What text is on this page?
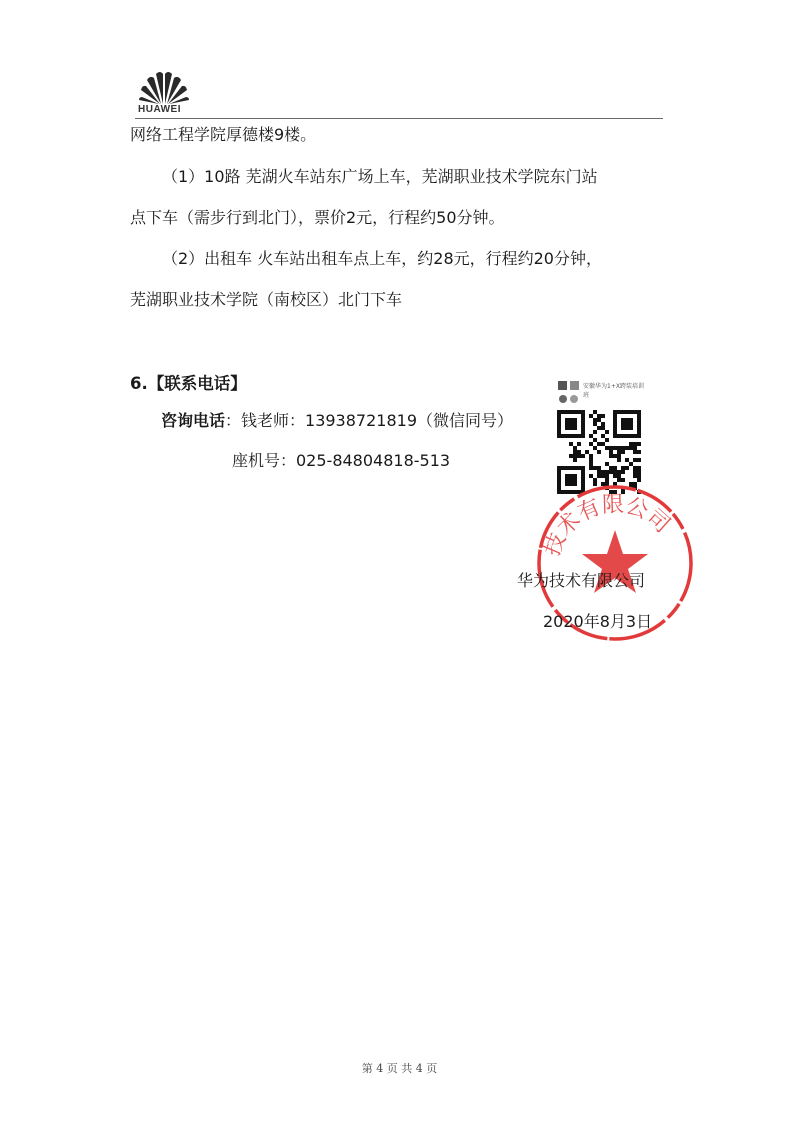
HUAWEI
网络工程学院厚德楼9楼。
（1）10路 芜湖火车站东广场上车，芜湖职业技术学院东门站
点下车（需步行到北门），票价2元，行程约50分钟。
（2）出租车 火车站出租车点上车，约28元，行程约20分钟，
芜湖职业技术学院（南校区）北门下车
6.【联系电话】
咨询电话：钱老师：13938721819（微信同号）
座机号：025-84804818-513
安徽华为1+X跨装培训班
技术有限公司
华为技术有限公司
2020年8月3日
第 4 页 共 4 页
